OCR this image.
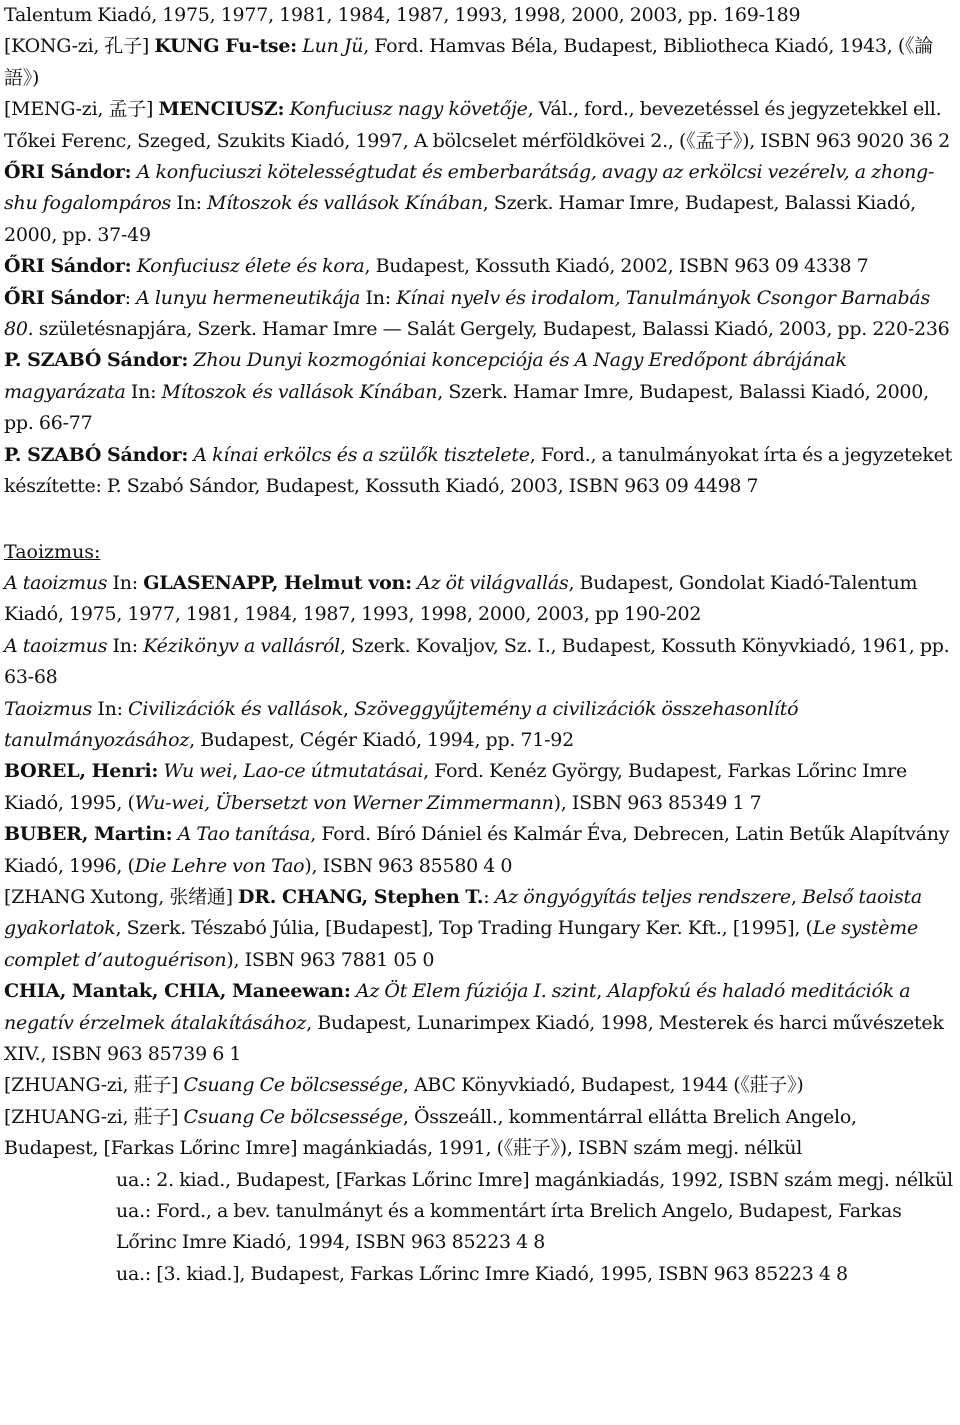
Talentum Kiadó, 1975, 1977, 1981, 1984, 1987, 1993, 1998, 2000, 2003, pp. 169-189
[KONG-zi, 孔子] KUNG Fu-tse: Lun Jü, Ford. Hamvas Béla, Budapest, Bibliotheca Kiadó, 1943, (《論語》)
[MENG-zi, 孟子] MENCIUSZ: Konfuciusz nagy követője, Vál., ford., bevezetéssel és jegyzetekkel ell. Tőkei Ferenc, Szeged, Szukits Kiadó, 1997, A bölcselet mérföldkövei 2., (《孟子》), ISBN 963 9020 36 2
ŐRI Sándor: A konfuciuszi kötelességtudat és emberbarátság, avagy az erkölcsi vezérelv, a zhong-shu fogalompáros In: Mítoszok és vallások Kínában, Szerk. Hamar Imre, Budapest, Balassi Kiadó, 2000, pp. 37-49
ŐRI Sándor: Konfuciusz élete és kora, Budapest, Kossuth Kiadó, 2002, ISBN 963 09 4338 7
ŐRI Sándor: A lunyu hermeneutikája In: Kínai nyelv és irodalom, Tanulmányok Csongor Barnabás 80. születésnapjára, Szerk. Hamar Imre — Salát Gergely, Budapest, Balassi Kiadó, 2003, pp. 220-236
P. SZABÓ Sándor: Zhou Dunyi kozmogóniai koncepciója és A Nagy Eredőpont ábrájának magyarázata In: Mítoszok és vallások Kínában, Szerk. Hamar Imre, Budapest, Balassi Kiadó, 2000, pp. 66-77
P. SZABÓ Sándor: A kínai erkölcs és a szülők tisztelete, Ford., a tanulmányokat írta és a jegyzeteket készítette: P. Szabó Sándor, Budapest, Kossuth Kiadó, 2003, ISBN 963 09 4498 7
Taoizmus:
A taoizmus In: GLASENAPP, Helmut von: Az öt világvallás, Budapest, Gondolat Kiadó-Talentum Kiadó, 1975, 1977, 1981, 1984, 1987, 1993, 1998, 2000, 2003, pp 190-202
A taoizmus In: Kézikönyv a vallásról, Szerk. Kovaljov, Sz. I., Budapest, Kossuth Könyvkiadó, 1961, pp. 63-68
Taoizmus In: Civilizációk és vallások, Szöveggyűjtemény a civilizációk összehasonlító tanulmányozásához, Budapest, Cégér Kiadó, 1994, pp. 71-92
BOREL, Henri: Wu wei, Lao-ce útmutatásai, Ford. Kenéz György, Budapest, Farkas Lőrinc Imre Kiadó, 1995, (Wu-wei, Übersetzt von Werner Zimmermann), ISBN 963 85349 1 7
BUBER, Martin: A Tao tanítása, Ford. Bíró Dániel és Kalmár Éva, Debrecen, Latin Betűk Alapítvány Kiadó, 1996, (Die Lehre von Tao), ISBN 963 85580 4 0
[ZHANG Xutong, 张绪通] DR. CHANG, Stephen T.: Az öngyógyítás teljes rendszere, Belső taoista gyakorlatok, Szerk. Tészabó Júlia, [Budapest], Top Trading Hungary Ker. Kft., [1995], (Le système complet d’autoguérison), ISBN 963 7881 05 0
CHIA, Mantak, CHIA, Maneewan: Az Öt Elem fúziója I. szint, Alapfokú és haladó meditációk a negatív érzelmek átalakításához, Budapest, Lunarimpex Kiadó, 1998, Mesterek és harci művészetek XIV., ISBN 963 85739 6 1
[ZHUANG-zi, 莊子] Csuang Ce bölcsessége, ABC Könyvkiadó, Budapest, 1944 (《莊子》)
[ZHUANG-zi, 莊子] Csuang Ce bölcsessége, Összeáll., kommentárral ellátta Brelich Angelo, Budapest, [Farkas Lőrinc Imre] magánkiadás, 1991, (《莊子》), ISBN szám megj. nélkül
ua.: 2. kiad., Budapest, [Farkas Lőrinc Imre] magánkiadás, 1992, ISBN szám megj. nélkül
ua.: Ford., a bev. tanulmányt és a kommentárt írta Brelich Angelo, Budapest, Farkas Lőrinc Imre Kiadó, 1994, ISBN 963 85223 4 8
ua.: [3. kiad.], Budapest, Farkas Lőrinc Imre Kiadó, 1995, ISBN 963 85223 4 8
